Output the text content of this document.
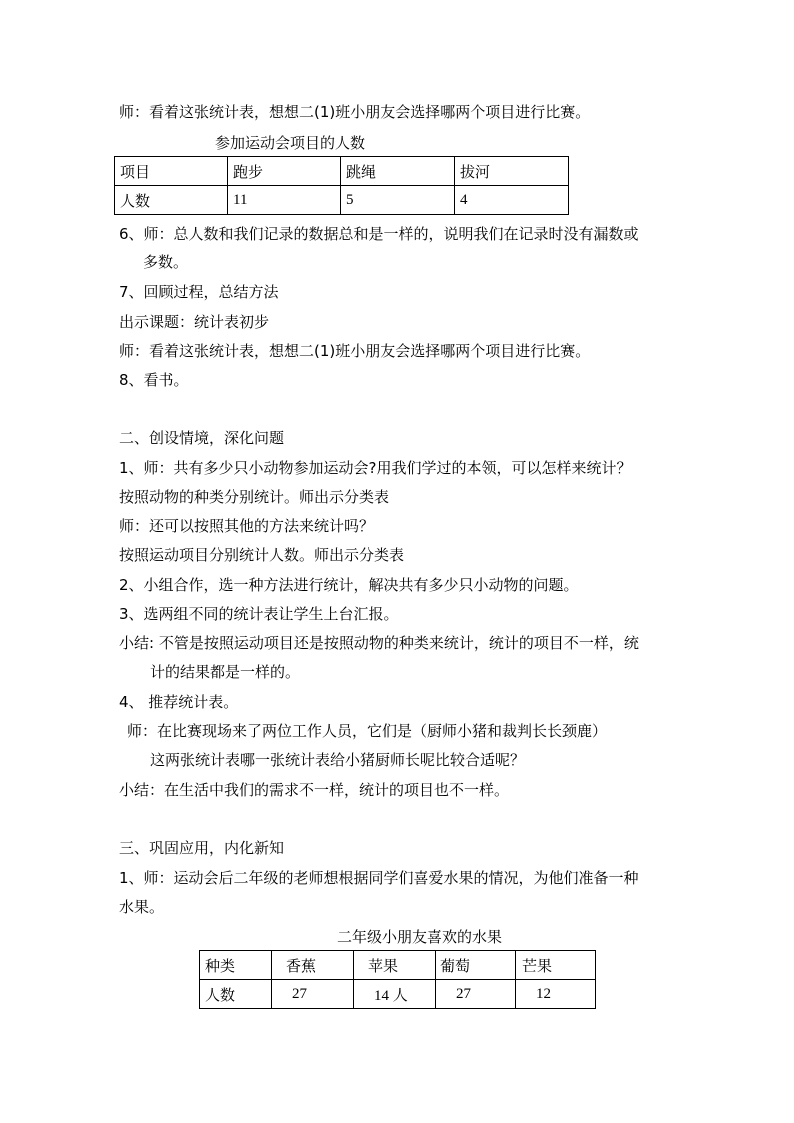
师：看着这张统计表，想想二(1)班小朋友会选择哪两个项目进行比赛。
参加运动会项目的人数
项目	跑步	跳绳	拔河
人数	11	5	4
6、师：总人数和我们记录的数据总和是一样的，说明我们在记录时没有漏数或
多数。
7、回顾过程，总结方法
出示课题：统计表初步
师：看着这张统计表，想想二(1)班小朋友会选择哪两个项目进行比赛。
8、看书。
二、创设情境，深化问题
1、师：共有多少只小动物参加运动会?用我们学过的本领，可以怎样来统计？
按照动物的种类分别统计。师出示分类表
师：还可以按照其他的方法来统计吗？
按照运动项目分别统计人数。师出示分类表
2、小组合作，选一种方法进行统计，解决共有多少只小动物的问题。
3、选两组不同的统计表让学生上台汇报。
小结: 不管是按照运动项目还是按照动物的种类来统计，统计的项目不一样，统
计的结果都是一样的。
4、 推荐统计表。
师：在比赛现场来了两位工作人员，它们是（厨师小猪和裁判长长颈鹿）
这两张统计表哪一张统计表给小猪厨师长呢比较合适呢？
小结：在生活中我们的需求不一样，统计的项目也不一样。
三、巩固应用，内化新知
1、师：运动会后二年级的老师想根据同学们喜爱水果的情况，为他们准备一种
水果。
二年级小朋友喜欢的水果
种类	香蕉	苹果	葡萄	芒果
人数	27	14 人	27	12
